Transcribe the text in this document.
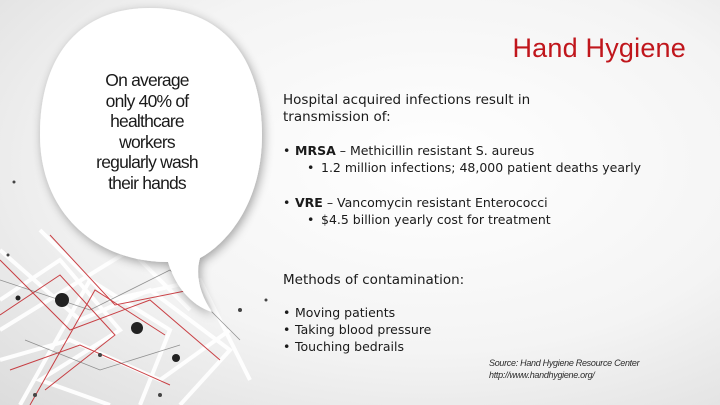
Hand Hygiene
On average
only 40% of
healthcare
workers
regularly wash
their hands
Hospital acquired infections result in
transmission of:
• MRSA – Methicillin resistant S. aureus
• 1.2 million infections; 48,000 patient deaths yearly
• VRE – Vancomycin resistant Enterococci
• $4.5 billion yearly cost for treatment
Methods of contamination:
• Moving patients
• Taking blood pressure
• Touching bedrails
Source: Hand Hygiene Resource Center
http://www.handhygiene.org/
